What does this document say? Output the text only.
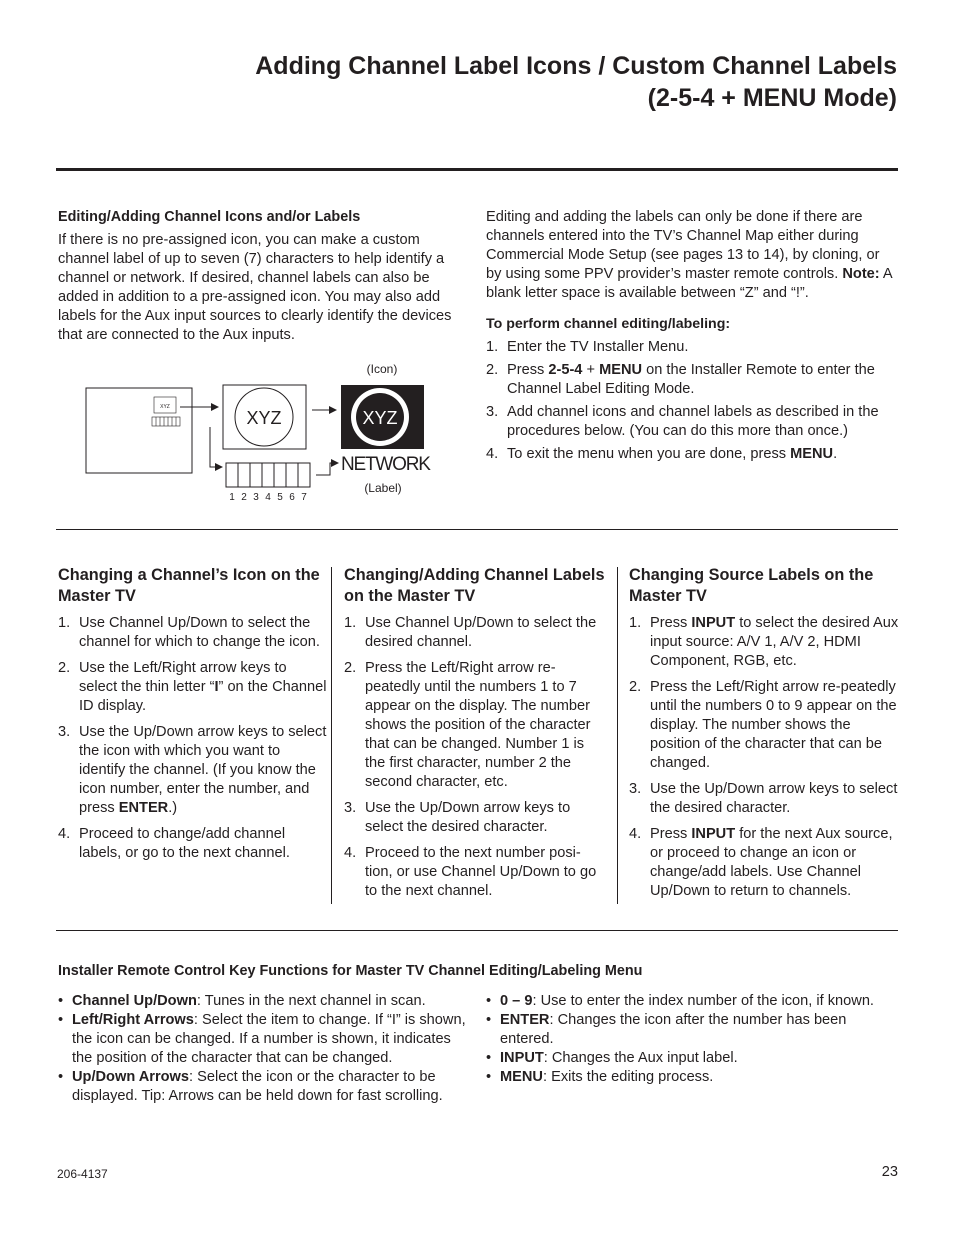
Adding Channel Label Icons / Custom Channel Labels
(2-5-4 + MENU Mode)
Editing/Adding Channel Icons and/or Labels
If there is no pre-assigned icon, you can make a custom channel label of up to seven (7) characters to help identify a channel or network. If desired, channel labels can also be added in addition to a pre-assigned icon. You may also add labels for the Aux input sources to clearly identify the devices that are connected to the Aux inputs.
XYZ
XYZ
(Icon)
XYZ
1 2 3 4 5 6 7
NETWORK
(Label)
Editing and adding the labels can only be done if there are channels entered into the TV’s Channel Map either during Commercial Mode Setup (see pages 13 to 14), by cloning, or by using some PPV provider’s master remote controls. Note: A blank letter space is available between “Z” and “!”.
To perform channel editing/labeling:
1. Enter the TV Installer Menu.
2. Press 2-5-4 + MENU on the Installer Remote to enter the Channel Label Editing Mode.
3. Add channel icons and channel labels as described in the procedures below. (You can do this more than once.)
4. To exit the menu when you are done, press MENU.
Changing a Channel’s Icon on the Master TV
1. Use Channel Up/Down to select the channel for which to change the icon.
2. Use the Left/Right arrow keys to select the thin letter “I” on the Channel ID display.
3. Use the Up/Down arrow keys to select the icon with which you want to identify the channel. (If you know the icon number, enter the number, and press ENTER.)
4. Proceed to change/add channel labels, or go to the next channel.
Changing/Adding Channel Labels on the Master TV
1. Use Channel Up/Down to select the desired channel.
2. Press the Left/Right arrow re-peatedly until the numbers 1 to 7 appear on the display. The number shows the position of the character that can be changed. Number 1 is the first character, number 2 the second character, etc.
3. Use the Up/Down arrow keys to select the desired character.
4. Proceed to the next number posi-tion, or use Channel Up/Down to go to the next channel.
Changing Source Labels on the Master TV
1. Press INPUT to select the desired Aux input source: A/V 1, A/V 2, HDMI Component, RGB, etc.
2. Press the Left/Right arrow re-peatedly until the numbers 0 to 9 appear on the display. The number shows the position of the character that can be changed.
3. Use the Up/Down arrow keys to select the desired character.
4. Press INPUT for the next Aux source, or proceed to change an icon or change/add labels. Use Channel Up/Down to return to channels.
Installer Remote Control Key Functions for Master TV Channel Editing/Labeling Menu
• Channel Up/Down: Tunes in the next channel in scan.
• Left/Right Arrows: Select the item to change. If “I” is shown, the icon can be changed. If a number is shown, it indicates the position of the character that can be changed.
• Up/Down Arrows: Select the icon or the character to be displayed. Tip: Arrows can be held down for fast scrolling.
• 0 – 9: Use to enter the index number of the icon, if known.
• ENTER: Changes the icon after the number has been entered.
• INPUT: Changes the Aux input label.
• MENU: Exits the editing process.
206-4137	23
